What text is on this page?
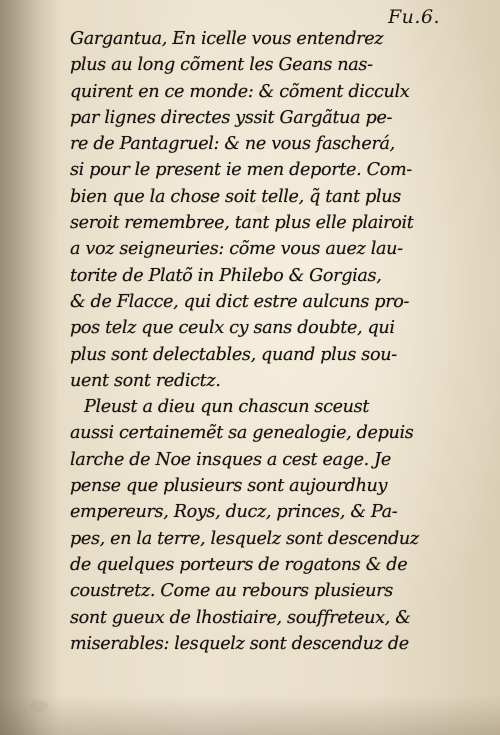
Fu.6.
Gargantua, En icelle vous entendrez
plus au long cõment les Geans nas-
quirent en ce monde: & cõment dicculx
par lignes directes yssit Gargãtua pe-
re de Pantagruel: & ne vous fascherá,
si pour le present ie men deporte. Com-
bien que la chose soit telle, q̃ tant plus
seroit remembree, tant plus elle plairoit
a voz seigneuries: cõme vous auez lau-
torite de Platõ in Philebo & Gorgias,
& de Flacce, qui dict estre aulcuns pro-
pos telz que ceulx cy sans doubte, qui
plus sont delectables, quand plus sou-
uent sont redictz.
Pleust a dieu qun chascun sceust
aussi certainemẽt sa genealogie, depuis
larche de Noe insques a cest eage. Je
pense que plusieurs sont aujourdhuy
empereurs, Roys, ducz, princes, & Pa-
pes, en la terre, lesquelz sont descenduz
de quelques porteurs de rogatons & de
coustretz. Come au rebours plusieurs
sont gueux de lhostiaire, souffreteux, &
miserables: lesquelz sont descenduz de
